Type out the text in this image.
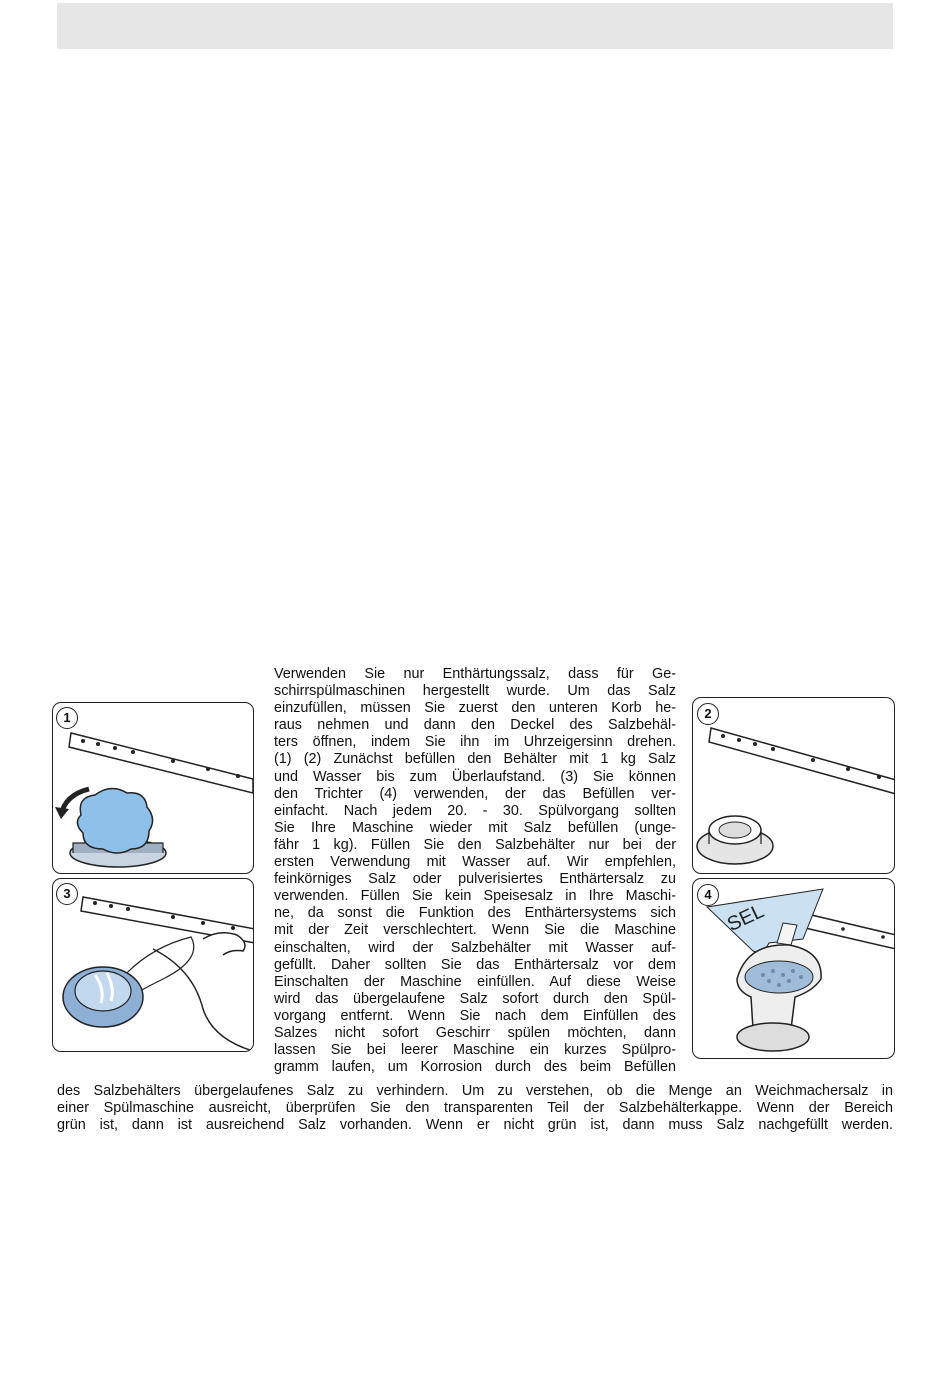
1
3
2
SEL
4
Verwenden Sie nur Enthärtungssalz, dass für Ge-
schirrspülmaschinen hergestellt wurde. Um das Salz
einzufüllen, müssen Sie zuerst den unteren Korb he-
raus nehmen und dann den Deckel des Salzbehäl-
ters öffnen, indem Sie ihn im Uhrzeigersinn drehen.
(1) (2) Zunächst befüllen den Behälter mit 1 kg Salz
und Wasser bis zum Überlaufstand. (3) Sie können
den Trichter (4) verwenden, der das Befüllen ver-
einfacht. Nach jedem 20. - 30. Spülvorgang sollten
Sie Ihre Maschine wieder mit Salz befüllen (unge-
fähr 1 kg). Füllen Sie den Salzbehälter nur bei der
ersten Verwendung mit Wasser auf. Wir empfehlen,
feinkörniges Salz oder pulverisiertes Enthärtersalz zu
verwenden. Füllen Sie kein Speisesalz in Ihre Maschi-
ne, da sonst die Funktion des Enthärtersystems sich
mit der Zeit verschlechtert. Wenn Sie die Maschine
einschalten, wird der Salzbehälter mit Wasser auf-
gefüllt. Daher sollten Sie das Enthärtersalz vor dem
Einschalten der Maschine einfüllen. Auf diese Weise
wird das übergelaufene Salz sofort durch den Spül-
vorgang entfernt. Wenn Sie nach dem Einfüllen des
Salzes nicht sofort Geschirr spülen möchten, dann
lassen Sie bei leerer Maschine ein kurzes Spülpro-
gramm laufen, um Korrosion durch des beim Befüllen
des Salzbehälters übergelaufenes Salz zu verhindern. Um zu verstehen, ob die Menge an Weichmachersalz in
einer Spülmaschine ausreicht, überprüfen Sie den transparenten Teil der Salzbehälterkappe. Wenn der Bereich
grün ist, dann ist ausreichend Salz vorhanden. Wenn er nicht grün ist, dann muss Salz nachgefüllt werden.
